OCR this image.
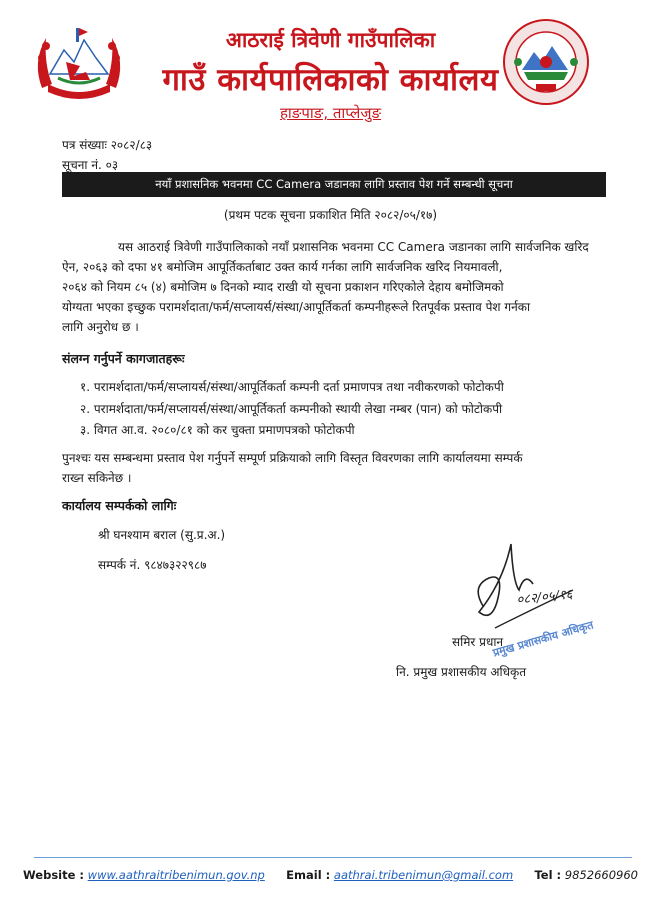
आठराई त्रिवेणी गाउँपालिका
गाउँ कार्यपालिकाको कार्यालय
हाङपाङ, ताप्लेजुङ
पत्र संख्याः २०८२/८३
सूचना नं. ०३
नयाँ प्रशासनिक भवनमा CC Camera जडानका लागि प्रस्ताव पेश गर्ने सम्बन्धी सूचना
(प्रथम पटक सूचना प्रकाशित मिति २०८२/०५/१७)
यस आठराई त्रिवेणी गाउँपालिकाको नयाँ प्रशासनिक भवनमा CC Camera जडानका लागि सार्वजनिक खरिद
ऐन, २०६३ को दफा ४१ बमोजिम आपूर्तिकर्ताबाट उक्त कार्य गर्नका लागि सार्वजनिक खरिद नियमावली,
२०६४ को नियम ८५ (४) बमोजिम ७ दिनको म्याद राखी यो सूचना प्रकाशन गरिएकोले देहाय बमोजिमको
योग्यता भएका इच्छुक परामर्शदाता/फर्म/सप्लायर्स/संस्था/आपूर्तिकर्ता कम्पनीहरूले रितपूर्वक प्रस्ताव पेश गर्नका
लागि अनुरोध छ ।
संलग्न गर्नुपर्ने कागजातहरूः
१. परामर्शदाता/फर्म/सप्लायर्स/संस्था/आपूर्तिकर्ता कम्पनी दर्ता प्रमाणपत्र तथा नवीकरणको फोटोकपी
२. परामर्शदाता/फर्म/सप्लायर्स/संस्था/आपूर्तिकर्ता कम्पनीको स्थायी लेखा नम्बर (पान) को फोटोकपी
३. विगत आ.व. २०८०/८१ को कर चुक्ता प्रमाणपत्रको फोटोकपी
पुनश्चः यस सम्बन्धमा प्रस्ताव पेश गर्नुपर्ने सम्पूर्ण प्रक्रियाको लागि विस्तृत विवरणका लागि कार्यालयमा सम्पर्क
राख्न सकिनेछ ।
कार्यालय सम्पर्कको लागिः
श्री घनश्याम बराल (सु.प्र.अ.)
सम्पर्क नं. ९८४७३२२९८७
०८२/०५/१६
प्रमुख प्रशासकीय अधिकृत
समिर प्रधान
नि. प्रमुख प्रशासकीय अधिकृत
Website : www.aathraitribenimun.gov.np Email : aathrai.tribenimun@gmail.com Tel : 9852660960
